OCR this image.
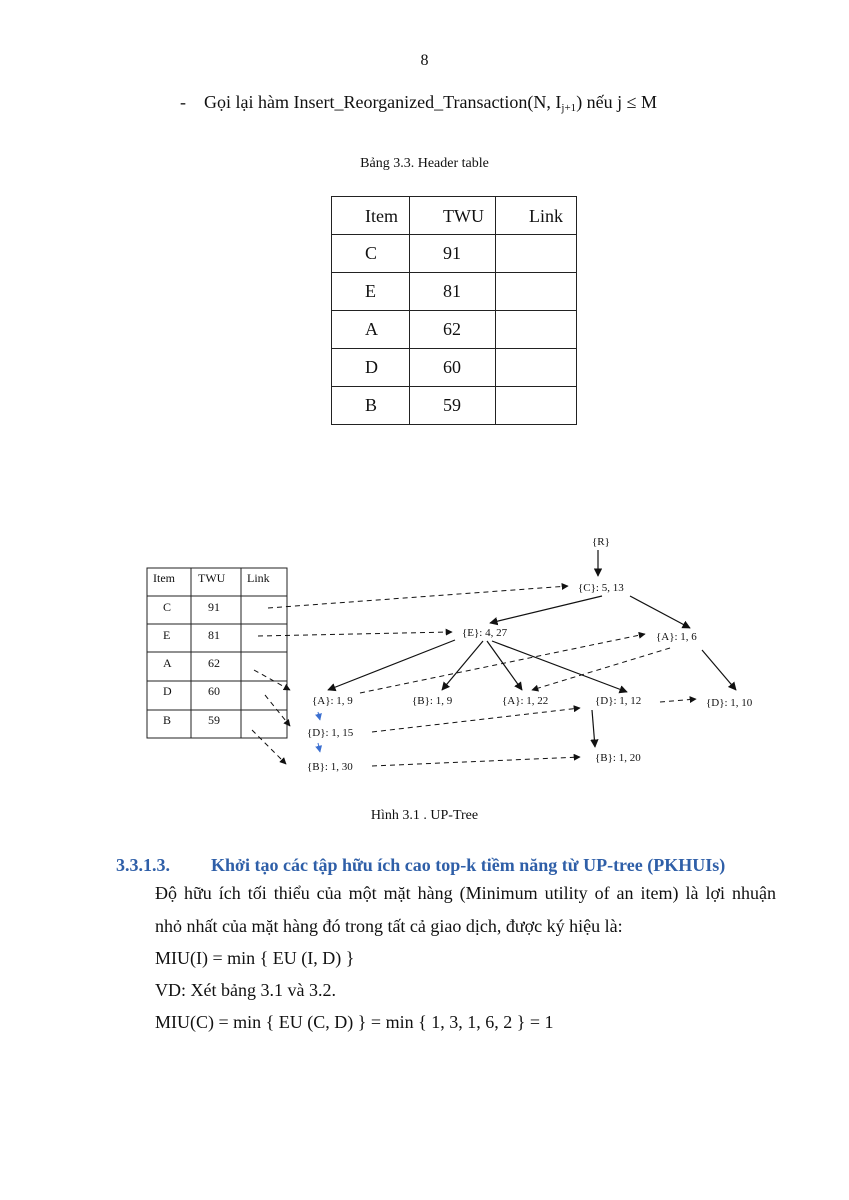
8
- Gọi lại hàm Insert_Reorganized_Transaction(N, $I_{j+1}$) nếu j ≤ M
Bảng 3.3. Header table
Item	TWU	Link
C	91	
E	81	
A	62	
D	60	
B	59	
Item TWU Link
C	91
E	81
A	62
D	60
B	59
{R}
{C}: 5, 13
{E}: 4, 27	{A}: 1, 6
{A}: 1, 9	{B}: 1, 9	{A}: 1, 22	{D}: 1, 12	{D}: 1, 10
{D}: 1, 15
{B}: 1, 30
{B}: 1, 20
Hình 3.1 . UP-Tree
3.3.1.3. Khởi tạo các tập hữu ích cao top-k tiềm năng từ UP-tree (PKHUIs)
Độ hữu ích tối thiểu của một mặt hàng (Minimum utility of an item) là lợi nhuận
nhỏ nhất của mặt hàng đó trong tất cả giao dịch, được ký hiệu là:
MIU(I) = min { EU (I, D) }
VD: Xét bảng 3.1 và 3.2.
MIU(C) = min { EU (C, D) } = min { 1, 3, 1, 6, 2 } = 1
